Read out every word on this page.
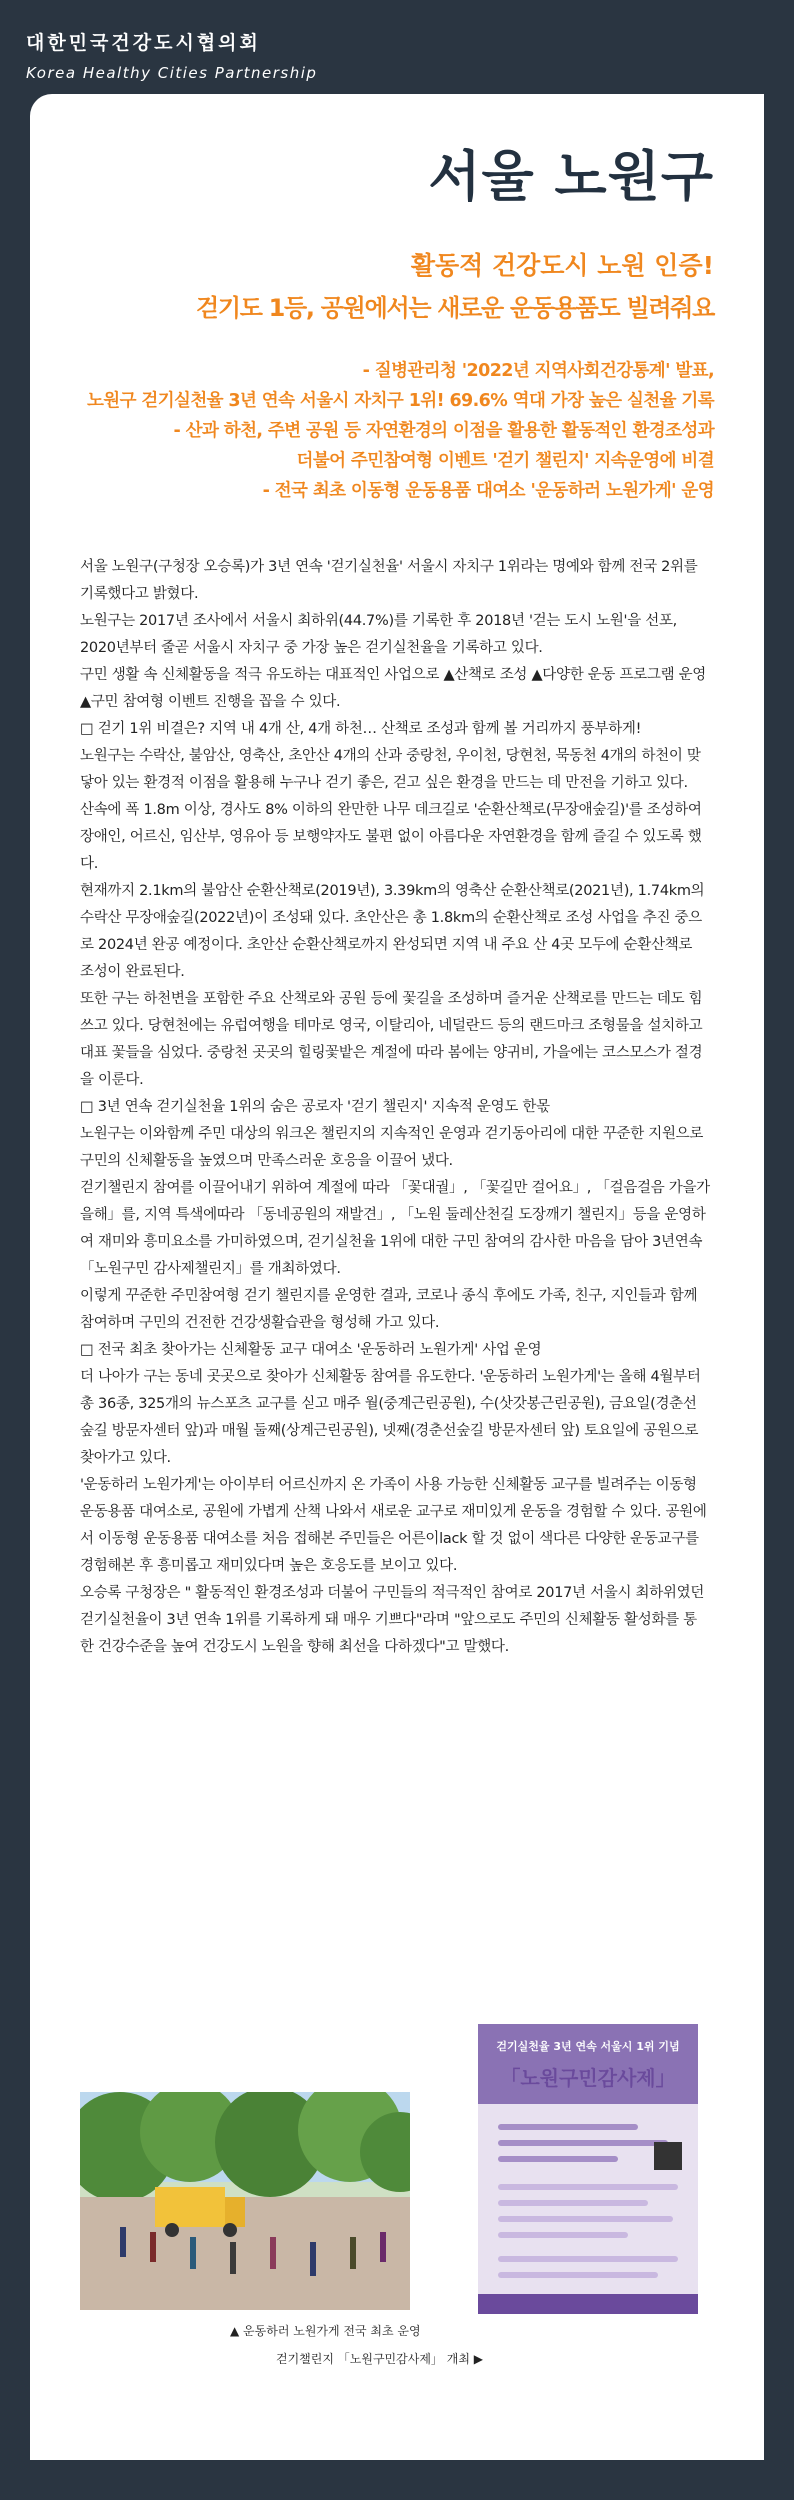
대한민국건강도시협의회
Korea Healthy Cities Partnership
서울 노원구
활동적 건강도시 노원 인증!
걷기도 1등, 공원에서는 새로운 운동용품도 빌려줘요
- 질병관리청 '2022년 지역사회건강통계' 발표,
노원구 걷기실천율 3년 연속 서울시 자치구 1위! 69.6% 역대 가장 높은 실천율 기록
- 산과 하천, 주변 공원 등 자연환경의 이점을 활용한 활동적인 환경조성과
더불어 주민참여형 이벤트 '걷기 챌린지' 지속운영에 비결
- 전국 최초 이동형 운동용품 대여소 '운동하러 노원가게' 운영

서울 노원구(구청장 오승록)가 3년 연속 '걷기실천율' 서울시 자치구 1위라는 명예와 함께 전국 2위를 기록했다고 밝혔다.

노원구는 2017년 조사에서 서울시 최하위(44.7%)를 기록한 후 2018년 '걷는 도시 노원'을 선포, 2020년부터 줄곧 서울시 자치구 중 가장 높은 걷기실천율을 기록하고 있다.

구민 생활 속 신체활동을 적극 유도하는 대표적인 사업으로 ▲산책로 조성 ▲다양한 운동 프로그램 운영 ▲구민 참여형 이벤트 진행을 꼽을 수 있다.

□ 걷기 1위 비결은? 지역 내 4개 산, 4개 하천… 산책로 조성과 함께 볼 거리까지 풍부하게!

노원구는 수락산, 불암산, 영축산, 초안산 4개의 산과 중랑천, 우이천, 당현천, 묵동천 4개의 하천이 맞닿아 있는 환경적 이점을 활용해 누구나 걷기 좋은, 걷고 싶은 환경을 만드는 데 만전을 기하고 있다.

산속에 폭 1.8m 이상, 경사도 8% 이하의 완만한 나무 데크길로 '순환산책로(무장애숲길)'를 조성하여 장애인, 어르신, 임산부, 영유아 등 보행약자도 불편 없이 아름다운 자연환경을 함께 즐길 수 있도록 했다.

현재까지 2.1km의 불암산 순환산책로(2019년), 3.39km의 영축산 순환산책로(2021년), 1.74km의 수락산 무장애숲길(2022년)이 조성돼 있다. 초안산은 총 1.8km의 순환산책로 조성 사업을 추진 중으로 2024년 완공 예정이다. 초안산 순환산책로까지 완성되면 지역 내 주요 산 4곳 모두에 순환산책로 조성이 완료된다.

또한 구는 하천변을 포함한 주요 산책로와 공원 등에 꽃길을 조성하며 즐거운 산책로를 만드는 데도 힘쓰고 있다. 당현천에는 유럽여행을 테마로 영국, 이탈리아, 네덜란드 등의 랜드마크 조형물을 설치하고 대표 꽃들을 심었다. 중랑천 곳곳의 힐링꽃밭은 계절에 따라 봄에는 양귀비, 가을에는 코스모스가 절경을 이룬다.

□ 3년 연속 걷기실천율 1위의 숨은 공로자 '걷기 챌린지' 지속적 운영도 한몫

노원구는 이와함께 주민 대상의 워크온 챌린지의 지속적인 운영과 걷기동아리에 대한 꾸준한 지원으로 구민의 신체활동을 높였으며 만족스러운 호응을 이끌어 냈다.

걷기챌린지 참여를 이끌어내기 위하여 계절에 따라 「꽃대궐」, 「꽃길만 걸어요」, 「걸음걸음 가을가을해」를, 지역 특색에따라 「동네공원의 재발견」, 「노원 둘레산천길 도장깨기 챌린지」등을 운영하여 재미와 흥미요소를 가미하였으며, 걷기실천율 1위에 대한 구민 참여의 감사한 마음을 담아 3년연속 「노원구민 감사제챌린지」를 개최하였다.

이렇게 꾸준한 주민참여형 걷기 챌린지를 운영한 결과, 코로나 종식 후에도 가족, 친구, 지인들과 함께 참여하며 구민의 건전한 건강생활습관을 형성해 가고 있다.

□ 전국 최초 찾아가는 신체활동 교구 대여소 '운동하러 노원가게' 사업 운영

더 나아가 구는 동네 곳곳으로 찾아가 신체활동 참여를 유도한다. '운동하러 노원가게'는 올해 4월부터 총 36종, 325개의 뉴스포츠 교구를 싣고 매주 월(중계근린공원), 수(삿갓봉근린공원), 금요일(경춘선숲길 방문자센터 앞)과 매월 둘째(상계근린공원), 넷째(경춘선숲길 방문자센터 앞) 토요일에 공원으로 찾아가고 있다.

'운동하러 노원가게'는 아이부터 어르신까지 온 가족이 사용 가능한 신체활동 교구를 빌려주는 이동형 운동용품 대여소로, 공원에 가볍게 산책 나와서 새로운 교구로 재미있게 운동을 경험할 수 있다. 공원에서 이동형 운동용품 대여소를 처음 접해본 주민들은 어른이lack 할 것 없이 색다른 다양한 운동교구를 경험해본 후 흥미롭고 재미있다며 높은 호응도를 보이고 있다.

오승록 구청장은 " 활동적인 환경조성과 더불어 구민들의 적극적인 참여로 2017년 서울시 최하위였던 걷기실천율이 3년 연속 1위를 기록하게 돼 매우 기쁘다"라며 "앞으로도 주민의 신체활동 활성화를 통한 건강수준을 높여 건강도시 노원을 향해 최선을 다하겠다"고 말했다.

▲ 운동하러 노원가게 전국 최초 운영
걷기실천율 3년 연속 서울시 1위 기념
「노원구민감사제」
걷기챌린지 「노원구민감사제」 개최 ▶
